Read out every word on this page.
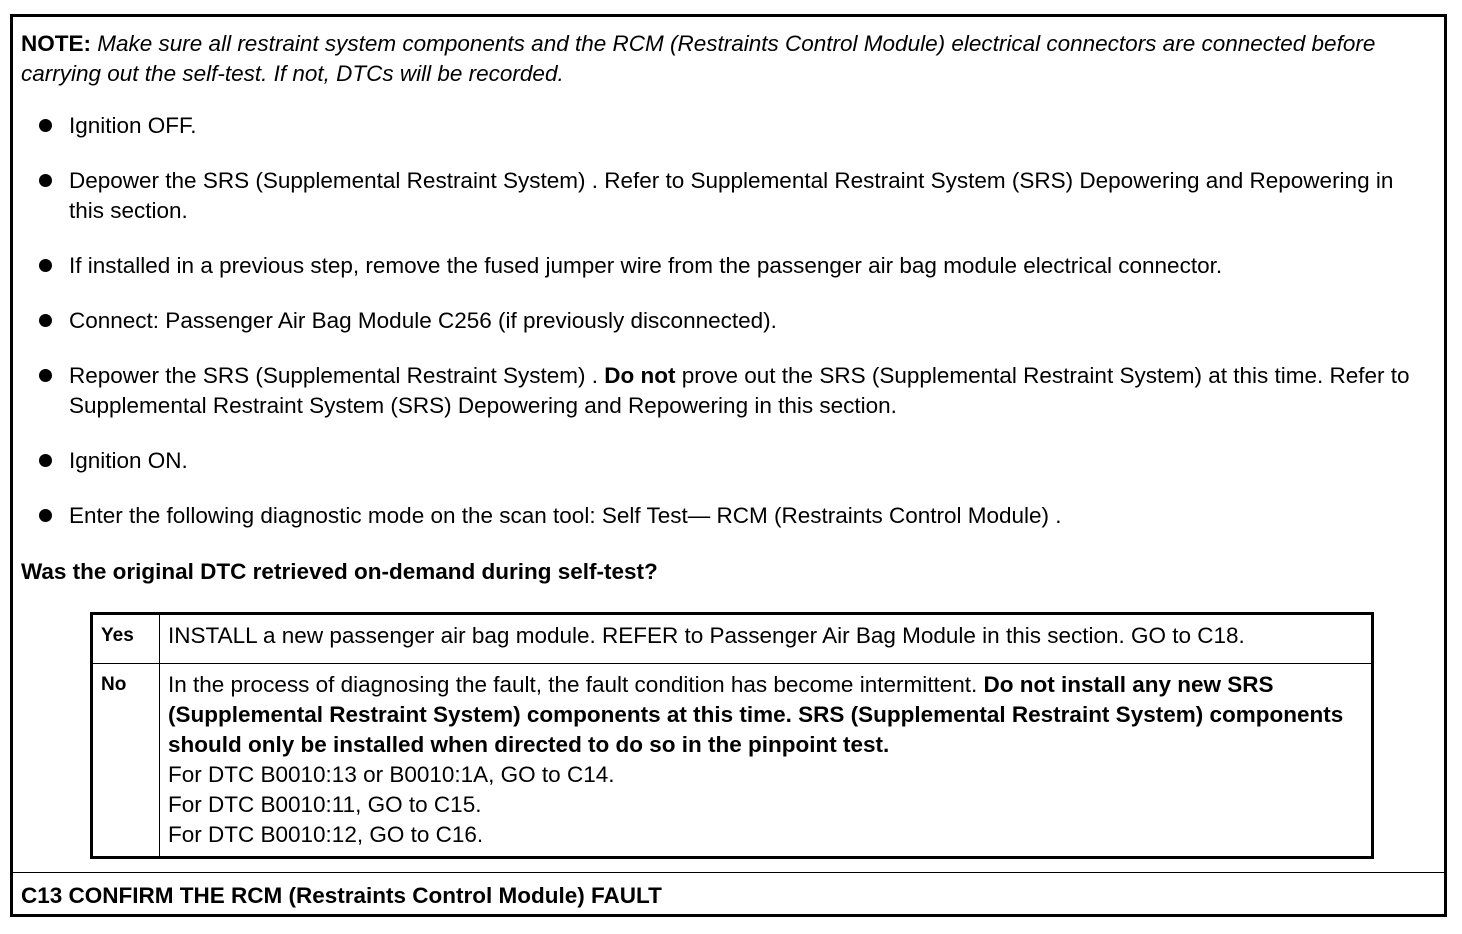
NOTE: Make sure all restraint system components and the RCM (Restraints Control Module) electrical connectors are connected before carrying out the self-test. If not, DTCs will be recorded.
Ignition OFF.
Depower the SRS (Supplemental Restraint System) . Refer to Supplemental Restraint System (SRS) Depowering and Repowering in this section.
If installed in a previous step, remove the fused jumper wire from the passenger air bag module electrical connector.
Connect: Passenger Air Bag Module C256 (if previously disconnected).
Repower the SRS (Supplemental Restraint System) . Do not prove out the SRS (Supplemental Restraint System) at this time. Refer to Supplemental Restraint System (SRS) Depowering and Repowering in this section.
Ignition ON.
Enter the following diagnostic mode on the scan tool: Self Test— RCM (Restraints Control Module) .
Was the original DTC retrieved on-demand during self-test?
Yes	INSTALL a new passenger air bag module. REFER to Passenger Air Bag Module in this section. GO to C18.
No	In the process of diagnosing the fault, the fault condition has become intermittent. Do not install any new SRS (Supplemental Restraint System) components at this time. SRS (Supplemental Restraint System) components should only be installed when directed to do so in the pinpoint test.
For DTC B0010:13 or B0010:1A, GO to C14.
For DTC B0010:11, GO to C15.
For DTC B0010:12, GO to C16.
C13 CONFIRM THE RCM (Restraints Control Module) FAULT
